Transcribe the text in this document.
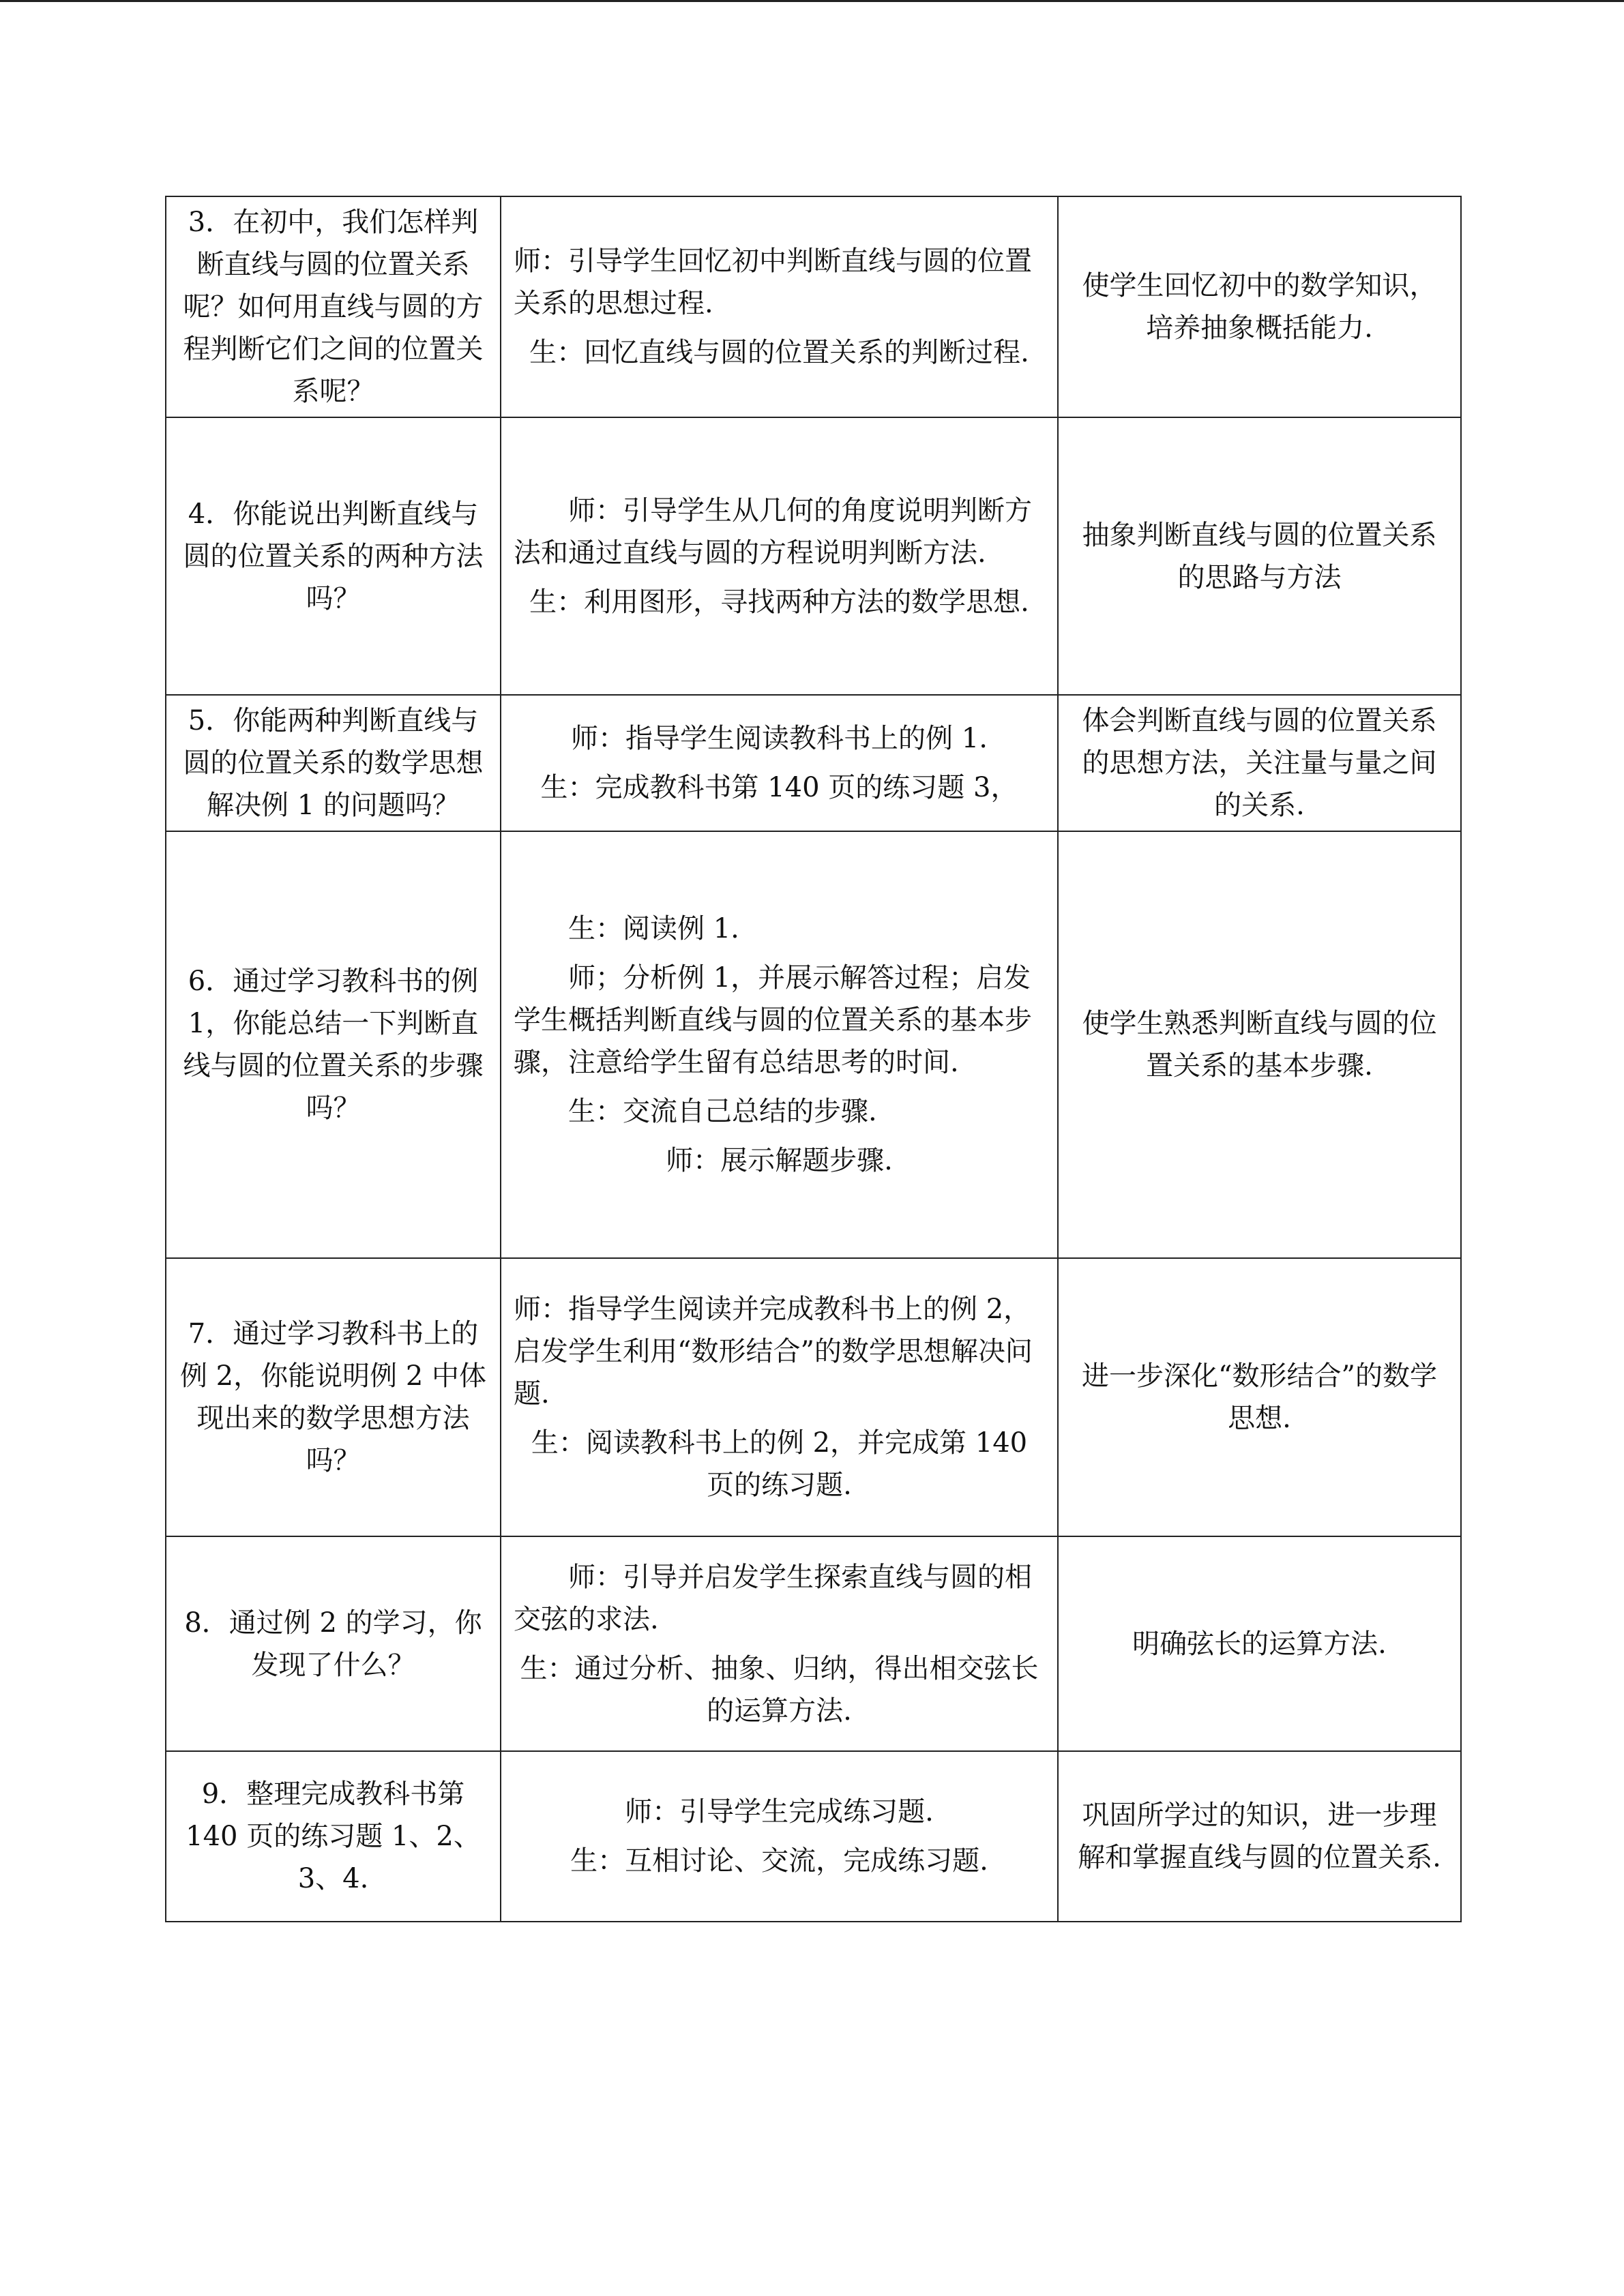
3．在初中，我们怎样判断直线与圆的位置关系呢？如何用直线与圆的方程判断它们之间的位置关系呢？	师：引导学生回忆初中判断直线与圆的位置关系的思想过程.
生：回忆直线与圆的位置关系的判断过程.	使学生回忆初中的数学知识，培养抽象概括能力.
4．你能说出判断直线与圆的位置关系的两种方法吗？	师：引导学生从几何的角度说明判断方法和通过直线与圆的方程说明判断方法.
生：利用图形，寻找两种方法的数学思想.	抽象判断直线与圆的位置关系的思路与方法
5．你能两种判断直线与圆的位置关系的数学思想解决例 1 的问题吗？	师：指导学生阅读教科书上的例 1.
生：完成教科书第 140 页的练习题 3，	体会判断直线与圆的位置关系的思想方法，关注量与量之间的关系.
6．通过学习教科书的例 1，你能总结一下判断直线与圆的位置关系的步骤吗？	生：阅读例 1.
师；分析例 1，并展示解答过程；启发学生概括判断直线与圆的位置关系的基本步骤，注意给学生留有总结思考的时间.
生：交流自己总结的步骤.
师：展示解题步骤.	使学生熟悉判断直线与圆的位置关系的基本步骤.
7．通过学习教科书上的例 2，你能说明例 2 中体现出来的数学思想方法吗？	师：指导学生阅读并完成教科书上的例 2，启发学生利用“数形结合”的数学思想解决问题.
生：阅读教科书上的例 2，并完成第 140 页的练习题.	进一步深化“数形结合”的数学思想.
8．通过例 2 的学习，你发现了什么？	师：引导并启发学生探索直线与圆的相交弦的求法.
生：通过分析、抽象、归纳，得出相交弦长的运算方法.	明确弦长的运算方法.
9．整理完成教科书第 140 页的练习题 1、2、3、4.	师：引导学生完成练习题.
生：互相讨论、交流，完成练习题.	巩固所学过的知识，进一步理解和掌握直线与圆的位置关系.
